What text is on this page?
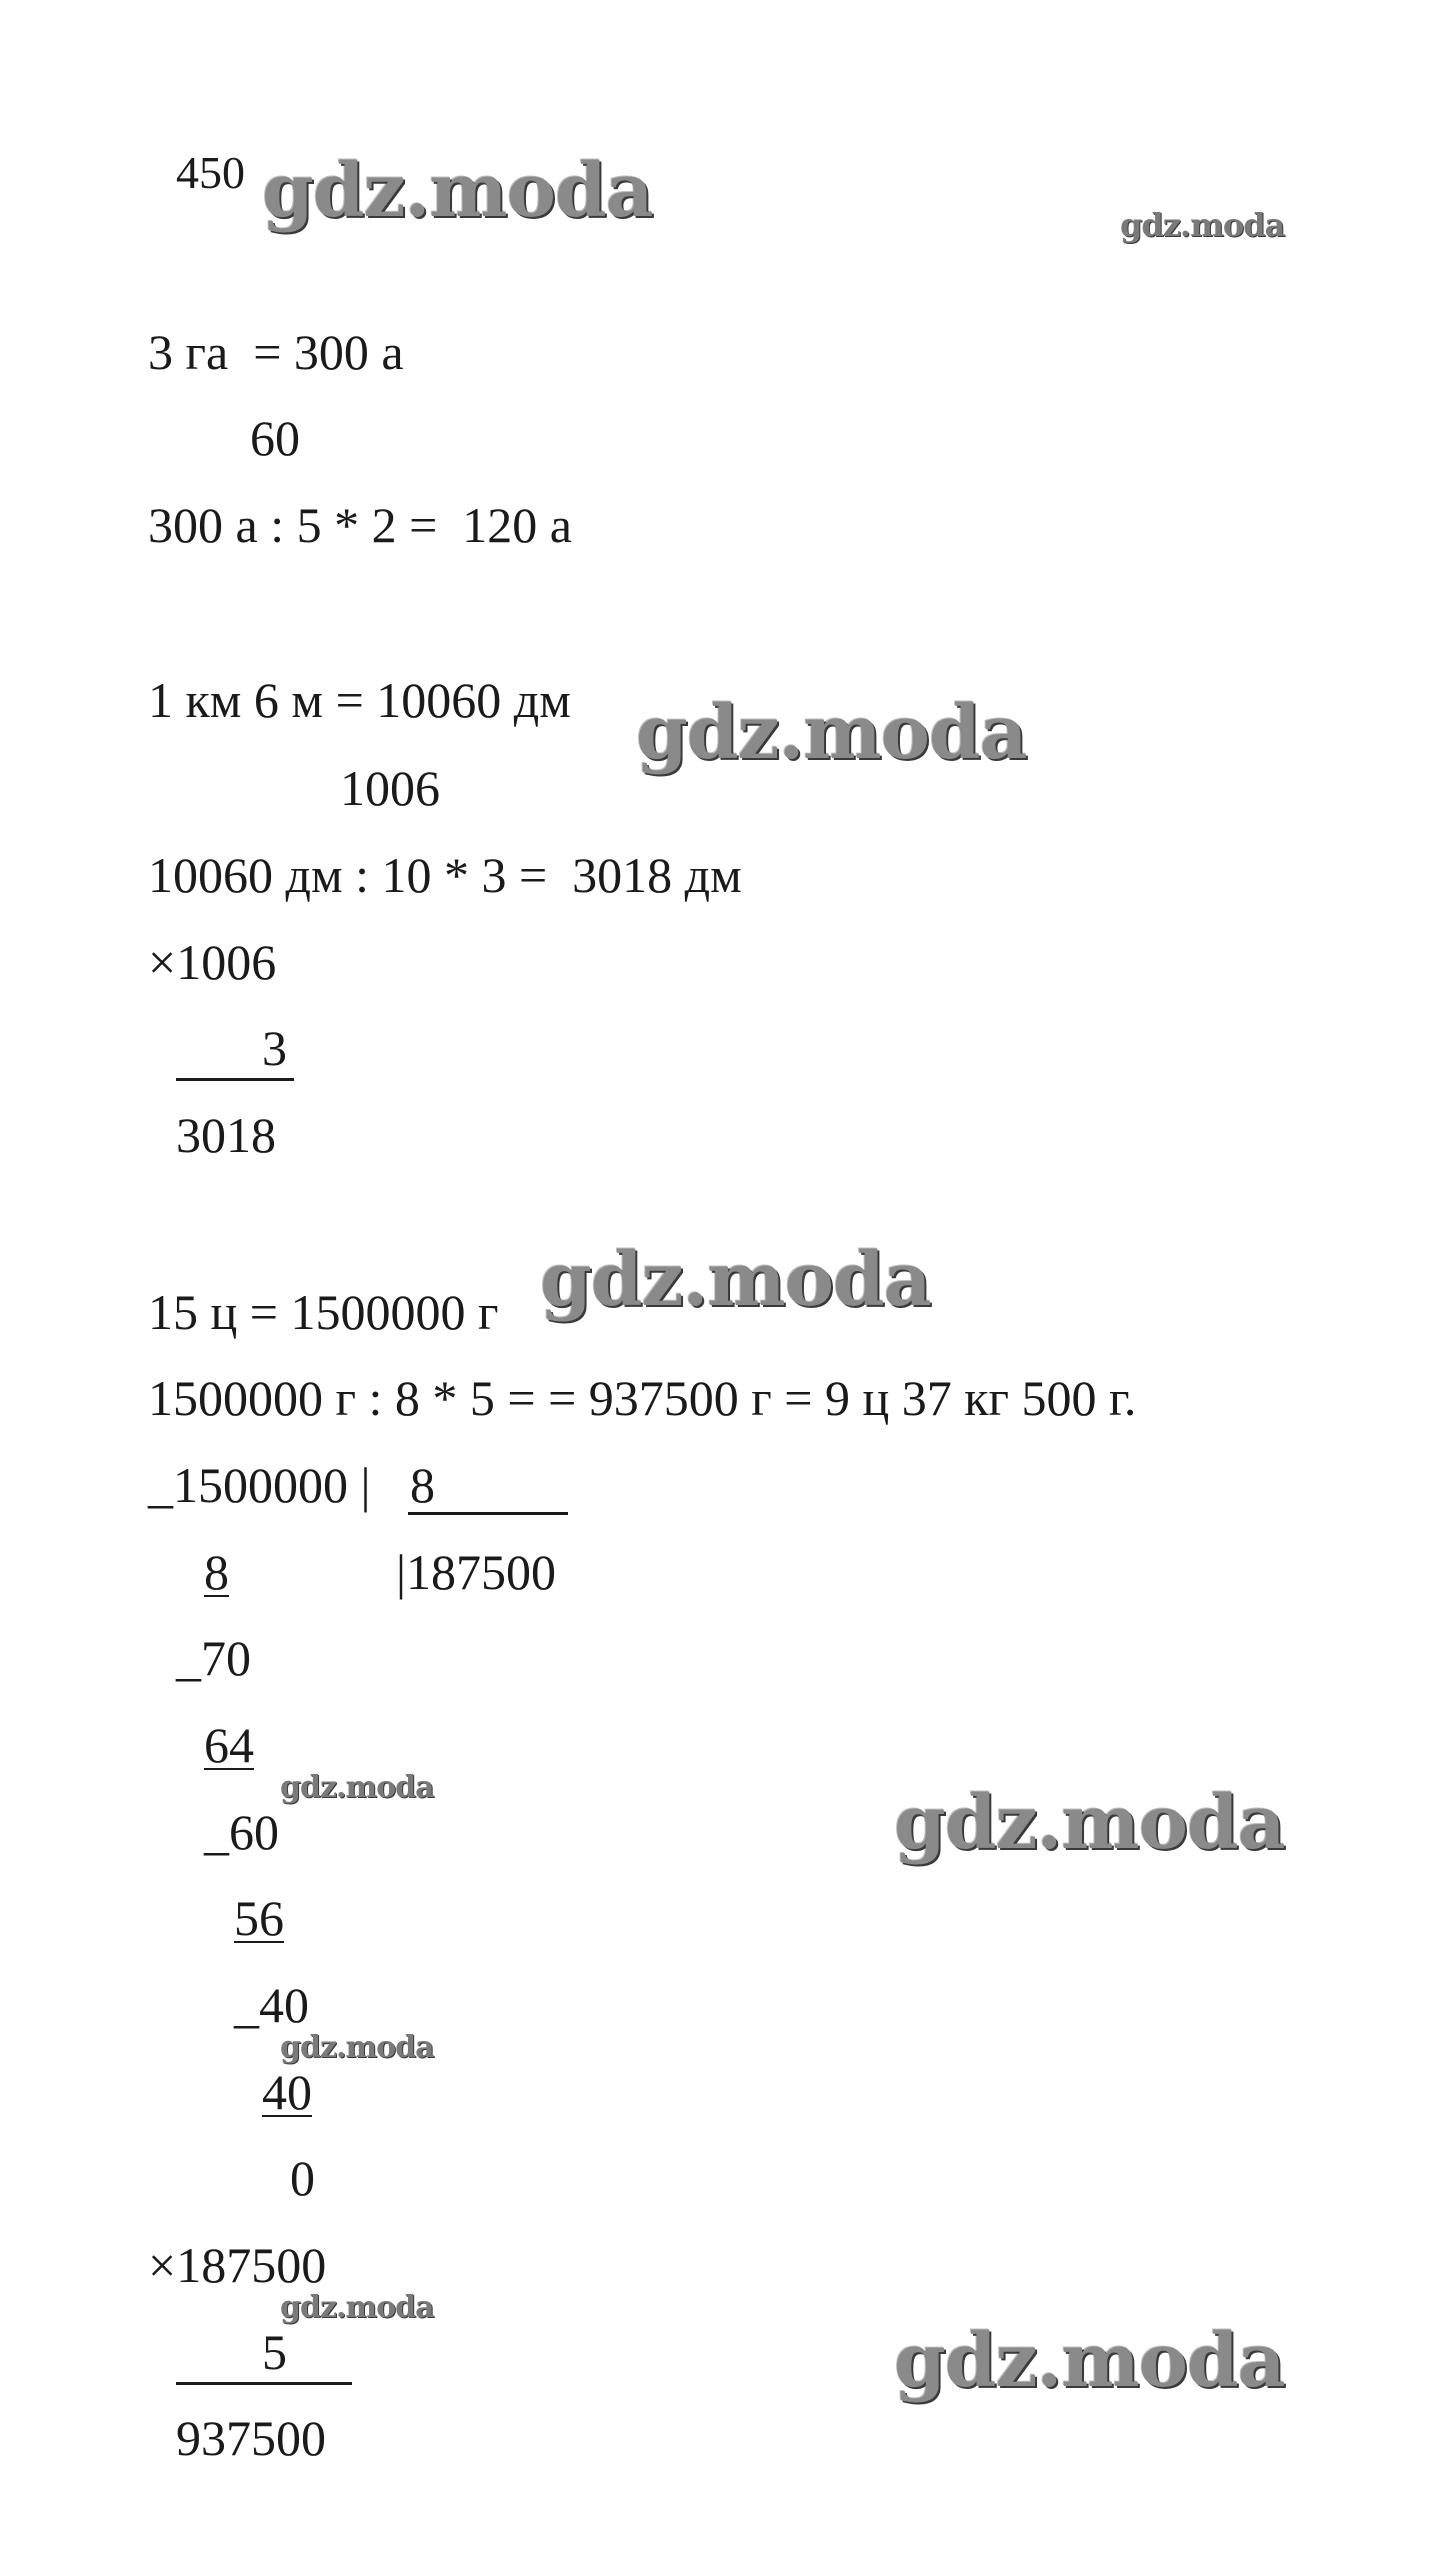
450
3 га  = 300 а
60
300 а : 5 * 2 =  120 а
1 км 6 м = 10060 дм
1006
10060 дм : 10 * 3 =  3018 дм
×1006
3
3018
15 ц = 1500000 г
1500000 г : 8 * 5 = = 937500 г = 9 ц 37 кг 500 г.
_1500000 | 8
8	|187500
_70
64
_60
56
_40
40
0
×187500
5
937500
gdz.moda	gdz.moda
gdz.moda
gdz.moda
gdz.moda	gdz.moda
gdz.moda
gdz.moda
gdz.moda
